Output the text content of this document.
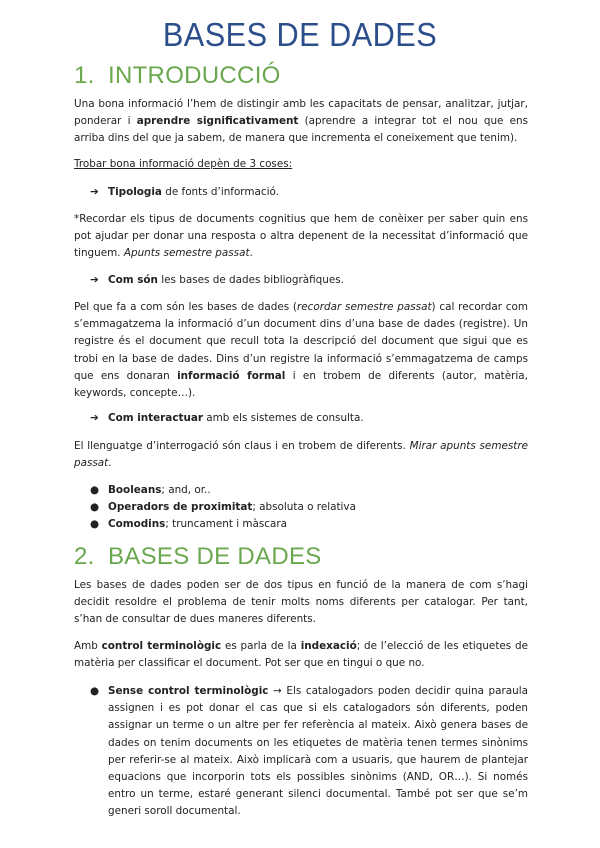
BASES DE DADES
1. INTRODUCCIÓ
Una bona informació l’hem de distingir amb les capacitats de pensar, analitzar, jutjar, ponderar i aprendre significativament (aprendre a integrar tot el nou que ens arriba dins del que ja sabem, de manera que incrementa el coneixement que tenim).
Trobar bona informació depèn de 3 coses:
➔ Tipologia de fonts d’informació.
*Recordar els tipus de documents cognitius que hem de conèixer per saber quin ens pot ajudar per donar una resposta o altra depenent de la necessitat d’informació que tinguem. Apunts semestre passat.
➔ Com són les bases de dades bibliogràfiques.
Pel que fa a com són les bases de dades (recordar semestre passat) cal recordar com s’emmagatzema la informació d’un document dins d’una base de dades (registre). Un registre és el document que recull tota la descripció del document que sigui que es trobi en la base de dades. Dins d’un registre la informació s’emmagatzema de camps que ens donaran informació formal i en trobem de diferents (autor, matèria, keywords, concepte…).
➔ Com interactuar amb els sistemes de consulta.
El llenguatge d’interrogació són claus i en trobem de diferents. Mirar apunts semestre passat.
● Booleans; and, or..
● Operadors de proximitat; absoluta o relativa
● Comodins; truncament i màscara
2. BASES DE DADES
Les bases de dades poden ser de dos tipus en funció de la manera de com s’hagi decidit resoldre el problema de tenir molts noms diferents per catalogar. Per tant, s’han de consultar de dues maneres diferents.
Amb control terminològic es parla de la indexació; de l’elecció de les etiquetes de matèria per classificar el document. Pot ser que en tingui o que no.
● Sense control terminològic → Els catalogadors poden decidir quina paraula assignen i es pot donar el cas que si els catalogadors són diferents, poden assignar un terme o un altre per fer referència al mateix. Això genera bases de dades on tenim documents on les etiquetes de matèria tenen termes sinònims per referir-se al mateix. Això implicarà com a usuaris, que haurem de plantejar equacions que incorporin tots els possibles sinònims (AND, OR…). Si només entro un terme, estaré generant silenci documental. També pot ser que se’m generi soroll documental.
